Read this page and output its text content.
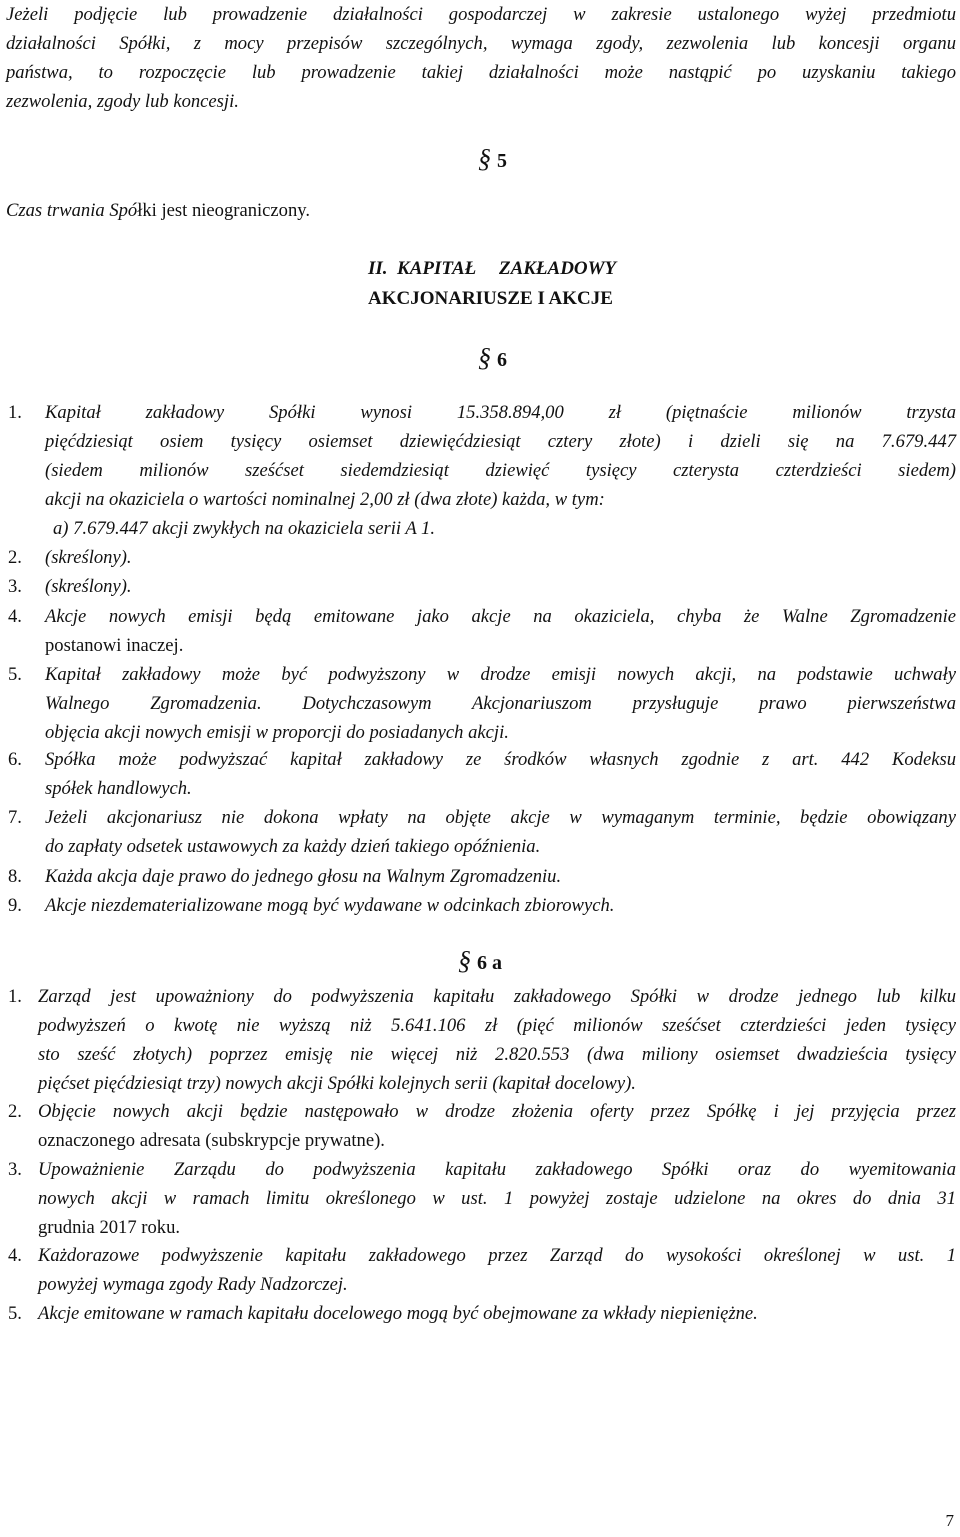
Jeżeli podjęcie lub prowadzenie działalności gospodarczej w zakresie ustalonego wyżej przedmiotu
działalności Spółki, z mocy przepisów szczególnych, wymaga zgody, zezwolenia lub koncesji organu
państwa, to rozpoczęcie lub prowadzenie takiej działalności może nastąpić po uzyskaniu takiego
zezwolenia, zgody lub koncesji.
§ 5
Czas trwania Spółki jest nieograniczony.
II. KAPITAŁ ZAKŁADOWY
AKCJONARIUSZE I AKCJE
§ 6
1. Kapitał zakładowy Spółki wynosi 15.358.894,00 zł (piętnaście milionów trzysta
pięćdziesiąt osiem tysięcy osiemset dziewięćdziesiąt cztery złote) i dzieli się na 7.679.447
(siedem milionów sześćset siedemdziesiąt dziewięć tysięcy czterysta czterdzieści siedem)
akcji na okaziciela o wartości nominalnej 2,00 zł (dwa złote) każda, w tym:
a) 7.679.447 akcji zwykłych na okaziciela serii A 1.
2. (skreślony).
3. (skreślony).
4. Akcje nowych emisji będą emitowane jako akcje na okaziciela, chyba że Walne Zgromadzenie
postanowi inaczej.
5. Kapitał zakładowy może być podwyższony w drodze emisji nowych akcji, na podstawie uchwały
Walnego Zgromadzenia. Dotychczasowym Akcjonariuszom przysługuje prawo pierwszeństwa
objęcia akcji nowych emisji w proporcji do posiadanych akcji.
6. Spółka może podwyższać kapitał zakładowy ze środków własnych zgodnie z art. 442 Kodeksu
spółek handlowych.
7. Jeżeli akcjonariusz nie dokona wpłaty na objęte akcje w wymaganym terminie, będzie obowiązany
do zapłaty odsetek ustawowych za każdy dzień takiego opóźnienia.
8. Każda akcja daje prawo do jednego głosu na Walnym Zgromadzeniu.
9. Akcje niezdematerializowane mogą być wydawane w odcinkach zbiorowych.
§ 6 a
1. Zarząd jest upoważniony do podwyższenia kapitału zakładowego Spółki w drodze jednego lub kilku
podwyższeń o kwotę nie wyższą niż 5.641.106 zł (pięć milionów sześćset czterdzieści jeden tysięcy
sto sześć złotych) poprzez emisję nie więcej niż 2.820.553 (dwa miliony osiemset dwadzieścia tysięcy
pięćset pięćdziesiąt trzy) nowych akcji Spółki kolejnych serii (kapitał docelowy).
2. Objęcie nowych akcji będzie następowało w drodze złożenia oferty przez Spółkę i jej przyjęcia przez
oznaczonego adresata (subskrypcje prywatne).
3. Upoważnienie Zarządu do podwyższenia kapitału zakładowego Spółki oraz do wyemitowania
nowych akcji w ramach limitu określonego w ust. 1 powyżej zostaje udzielone na okres do dnia 31
grudnia 2017 roku.
4. Każdorazowe podwyższenie kapitału zakładowego przez Zarząd do wysokości określonej w ust. 1
powyżej wymaga zgody Rady Nadzorczej.
5. Akcje emitowane w ramach kapitału docelowego mogą być obejmowane za wkłady niepieniężne.
7
